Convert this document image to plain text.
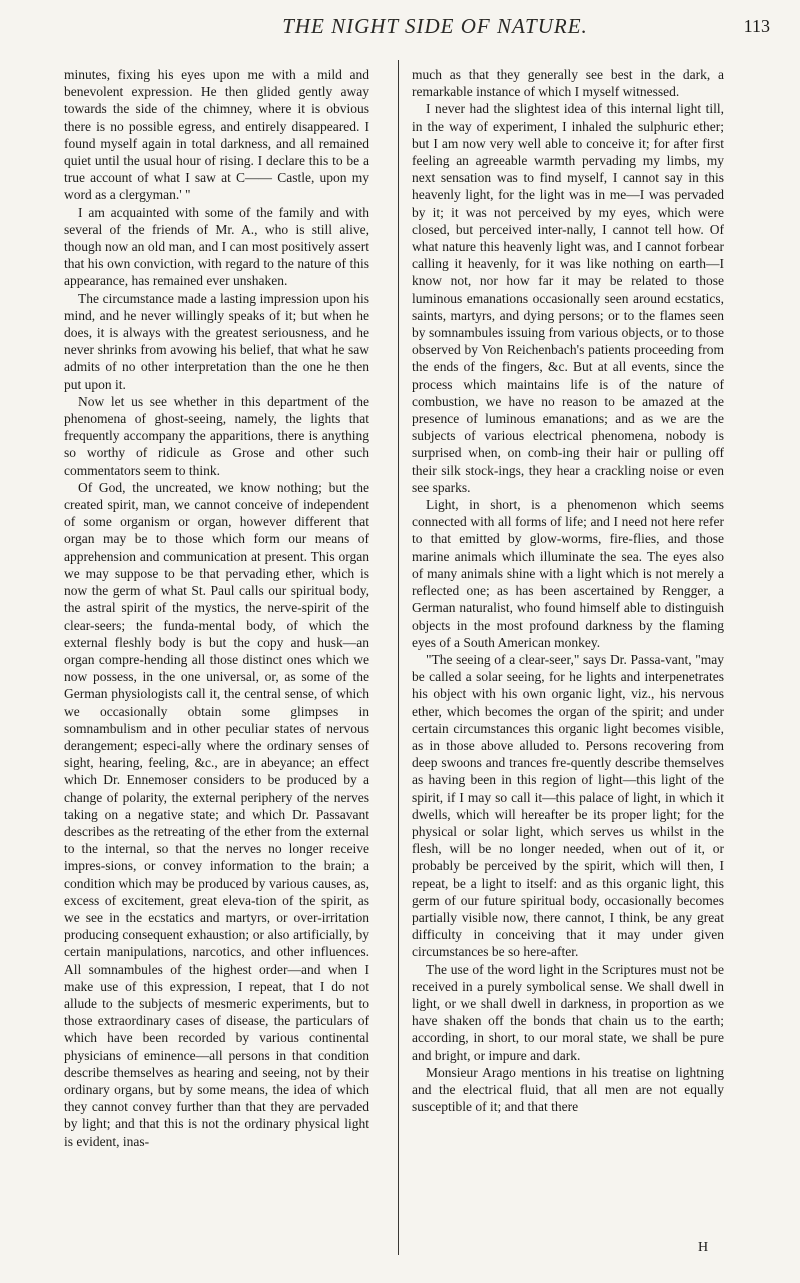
THE NIGHT SIDE OF NATURE.	113

minutes, fixing his eyes upon me with a mild and benevolent expression. He then glided gently away towards the side of the chimney, where it is obvious there is no possible egress, and entirely disappeared. I found myself again in total darkness, and all remained quiet until the usual hour of rising. I declare this to be a true account of what I saw at C—— Castle, upon my word as a clergyman.' "

I am acquainted with some of the family and with several of the friends of Mr. A., who is still alive, though now an old man, and I can most positively assert that his own conviction, with regard to the nature of this appearance, has remained ever unshaken.

The circumstance made a lasting impression upon his mind, and he never willingly speaks of it; but when he does, it is always with the greatest seriousness, and he never shrinks from avowing his belief, that what he saw admits of no other interpretation than the one he then put upon it.

Now let us see whether in this department of the phenomena of ghost-seeing, namely, the lights that frequently accompany the apparitions, there is anything so worthy of ridicule as Grose and other such commentators seem to think.

Of God, the uncreated, we know nothing; but the created spirit, man, we cannot conceive of independent of some organism or organ, however different that organ may be to those which form our means of apprehension and communication at present. This organ we may suppose to be that pervading ether, which is now the germ of what St. Paul calls our spiritual body, the astral spirit of the mystics, the nerve-spirit of the clear-seers; the funda-mental body, of which the external fleshly body is but the copy and husk—an organ compre-hending all those distinct ones which we now possess, in the one universal, or, as some of the German physiologists call it, the central sense, of which we occasionally obtain some glimpses in somnambulism and in other peculiar states of nervous derangement; especi-ally where the ordinary senses of sight, hearing, feeling, &c., are in abeyance; an effect which Dr. Ennemoser considers to be produced by a change of polarity, the external periphery of the nerves taking on a negative state; and which Dr. Passavant describes as the retreating of the ether from the external to the internal, so that the nerves no longer receive impres-sions, or convey information to the brain; a condition which may be produced by various causes, as, excess of excitement, great eleva-tion of the spirit, as we see in the ecstatics and martyrs, or over-irritation producing consequent exhaustion; or also artificially, by certain manipulations, narcotics, and other influences. All somnambules of the highest order—and when I make use of this expression, I repeat, that I do not allude to the subjects of mesmeric experiments, but to those extraordinary cases of disease, the particulars of which have been recorded by various continental physicians of eminence—all persons in that condition describe themselves as hearing and seeing, not by their ordinary organs, but by some means, the idea of which they cannot convey further than that they are pervaded by light; and that this is not the ordinary physical light is evident, inas-

much as that they generally see best in the dark, a remarkable instance of which I myself witnessed.

I never had the slightest idea of this internal light till, in the way of experiment, I inhaled the sulphuric ether; but I am now very well able to conceive it; for after first feeling an agreeable warmth pervading my limbs, my next sensation was to find myself, I cannot say in this heavenly light, for the light was in me—I was pervaded by it; it was not perceived by my eyes, which were closed, but perceived inter-nally, I cannot tell how. Of what nature this heavenly light was, and I cannot forbear calling it heavenly, for it was like nothing on earth—I know not, nor how far it may be related to those luminous emanations occasionally seen around ecstatics, saints, martyrs, and dying persons; or to the flames seen by somnambules issuing from various objects, or to those observed by Von Reichenbach's patients proceeding from the ends of the fingers, &c. But at all events, since the process which maintains life is of the nature of combustion, we have no reason to be amazed at the presence of luminous emanations; and as we are the subjects of various electrical phenomena, nobody is surprised when, on comb-ing their hair or pulling off their silk stock-ings, they hear a crackling noise or even see sparks.

Light, in short, is a phenomenon which seems connected with all forms of life; and I need not here refer to that emitted by glow-worms, fire-flies, and those marine animals which illuminate the sea. The eyes also of many animals shine with a light which is not merely a reflected one; as has been ascertained by Rengger, a German naturalist, who found himself able to distinguish objects in the most profound darkness by the flaming eyes of a South American monkey.

"The seeing of a clear-seer," says Dr. Passa-vant, "may be called a solar seeing, for he lights and interpenetrates his object with his own organic light, viz., his nervous ether, which becomes the organ of the spirit; and under certain circumstances this organic light becomes visible, as in those above alluded to. Persons recovering from deep swoons and trances fre-quently describe themselves as having been in this region of light—this light of the spirit, if I may so call it—this palace of light, in which it dwells, which will hereafter be its proper light; for the physical or solar light, which serves us whilst in the flesh, will be no longer needed, when out of it, or probably be perceived by the spirit, which will then, I repeat, be a light to itself: and as this organic light, this germ of our future spiritual body, occasionally becomes partially visible now, there cannot, I think, be any great difficulty in conceiving that it may under given circumstances be so here-after.

The use of the word light in the Scriptures must not be received in a purely symbolical sense. We shall dwell in light, or we shall dwell in darkness, in proportion as we have shaken off the bonds that chain us to the earth; according, in short, to our moral state, we shall be pure and bright, or impure and dark.

Monsieur Arago mentions in his treatise on lightning and the electrical fluid, that all men are not equally susceptible of it; and that there

H
